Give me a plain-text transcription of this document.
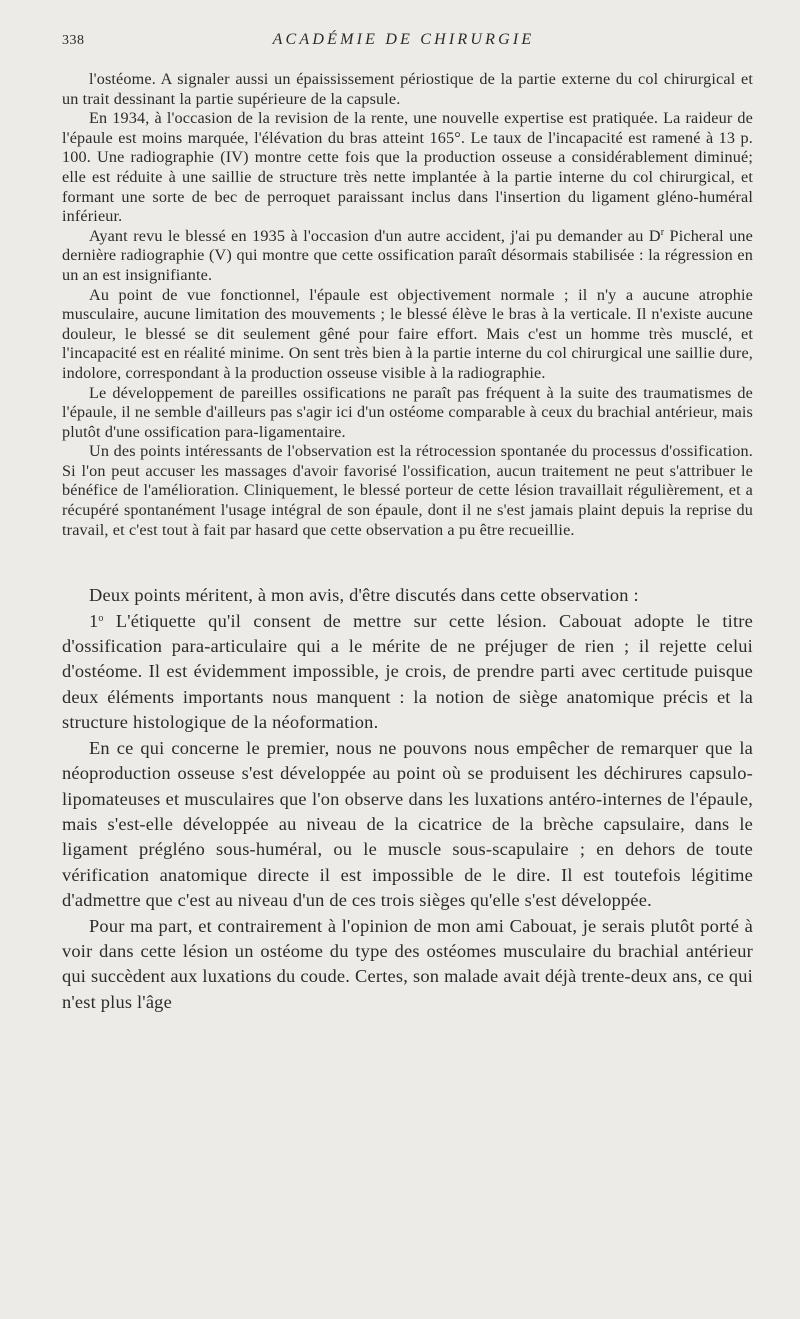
338	ACADÉMIE DE CHIRURGIE

l'ostéome. A signaler aussi un épaississement périostique de la partie externe du col chirurgical et un trait dessinant la partie supérieure de la capsule.

En 1934, à l'occasion de la revision de la rente, une nouvelle expertise est pratiquée. La raideur de l'épaule est moins marquée, l'élévation du bras atteint 165°. Le taux de l'incapacité est ramené à 13 p. 100. Une radiographie (IV) montre cette fois que la production osseuse a considérablement diminué; elle est réduite à une saillie de structure très nette implantée à la partie interne du col chirurgical, et formant une sorte de bec de perroquet paraissant inclus dans l'insertion du ligament gléno-huméral inférieur.

Ayant revu le blessé en 1935 à l'occasion d'un autre accident, j'ai pu demander au $D^r$ Picheral une dernière radiographie (V) qui montre que cette ossification paraît désormais stabilisée : la régression en un an est insignifiante.

Au point de vue fonctionnel, l'épaule est objectivement normale ; il n'y a aucune atrophie musculaire, aucune limitation des mouvements ; le blessé élève le bras à la verticale. Il n'existe aucune douleur, le blessé se dit seulement gêné pour faire effort. Mais c'est un homme très musclé, et l'incapacité est en réalité minime. On sent très bien à la partie interne du col chirurgical une saillie dure, indolore, correspondant à la production osseuse visible à la radiographie.

Le développement de pareilles ossifications ne paraît pas fréquent à la suite des traumatismes de l'épaule, il ne semble d'ailleurs pas s'agir ici d'un ostéome comparable à ceux du brachial antérieur, mais plutôt d'une ossification para-ligamentaire.

Un des points intéressants de l'observation est la rétrocession spontanée du processus d'ossification. Si l'on peut accuser les massages d'avoir favorisé l'ossification, aucun traitement ne peut s'attribuer le bénéfice de l'amélioration. Cliniquement, le blessé porteur de cette lésion travaillait régulièrement, et a récupéré spontanément l'usage intégral de son épaule, dont il ne s'est jamais plaint depuis la reprise du travail, et c'est tout à fait par hasard que cette observation a pu être recueillie.

Deux points méritent, à mon avis, d'être discutés dans cette observation :

1$^o$ L'étiquette qu'il consent de mettre sur cette lésion. Cabouat adopte le titre d'ossification para-articulaire qui a le mérite de ne préjuger de rien ; il rejette celui d'ostéome. Il est évidemment impossible, je crois, de prendre parti avec certitude puisque deux éléments importants nous manquent : la notion de siège anatomique précis et la structure histologique de la néoformation.

En ce qui concerne le premier, nous ne pouvons nous empêcher de remarquer que la néoproduction osseuse s'est développée au point où se produisent les déchirures capsulo-lipomateuses et musculaires que l'on observe dans les luxations antéro-internes de l'épaule, mais s'est-elle développée au niveau de la cicatrice de la brèche capsulaire, dans le ligament prégléno sous-huméral, ou le muscle sous-scapulaire ; en dehors de toute vérification anatomique directe il est impossible de le dire. Il est toutefois légitime d'admettre que c'est au niveau d'un de ces trois sièges qu'elle s'est développée.

Pour ma part, et contrairement à l'opinion de mon ami Cabouat, je serais plutôt porté à voir dans cette lésion un ostéome du type des ostéomes musculaire du brachial antérieur qui succèdent aux luxations du coude. Certes, son malade avait déjà trente-deux ans, ce qui n'est plus l'âge
